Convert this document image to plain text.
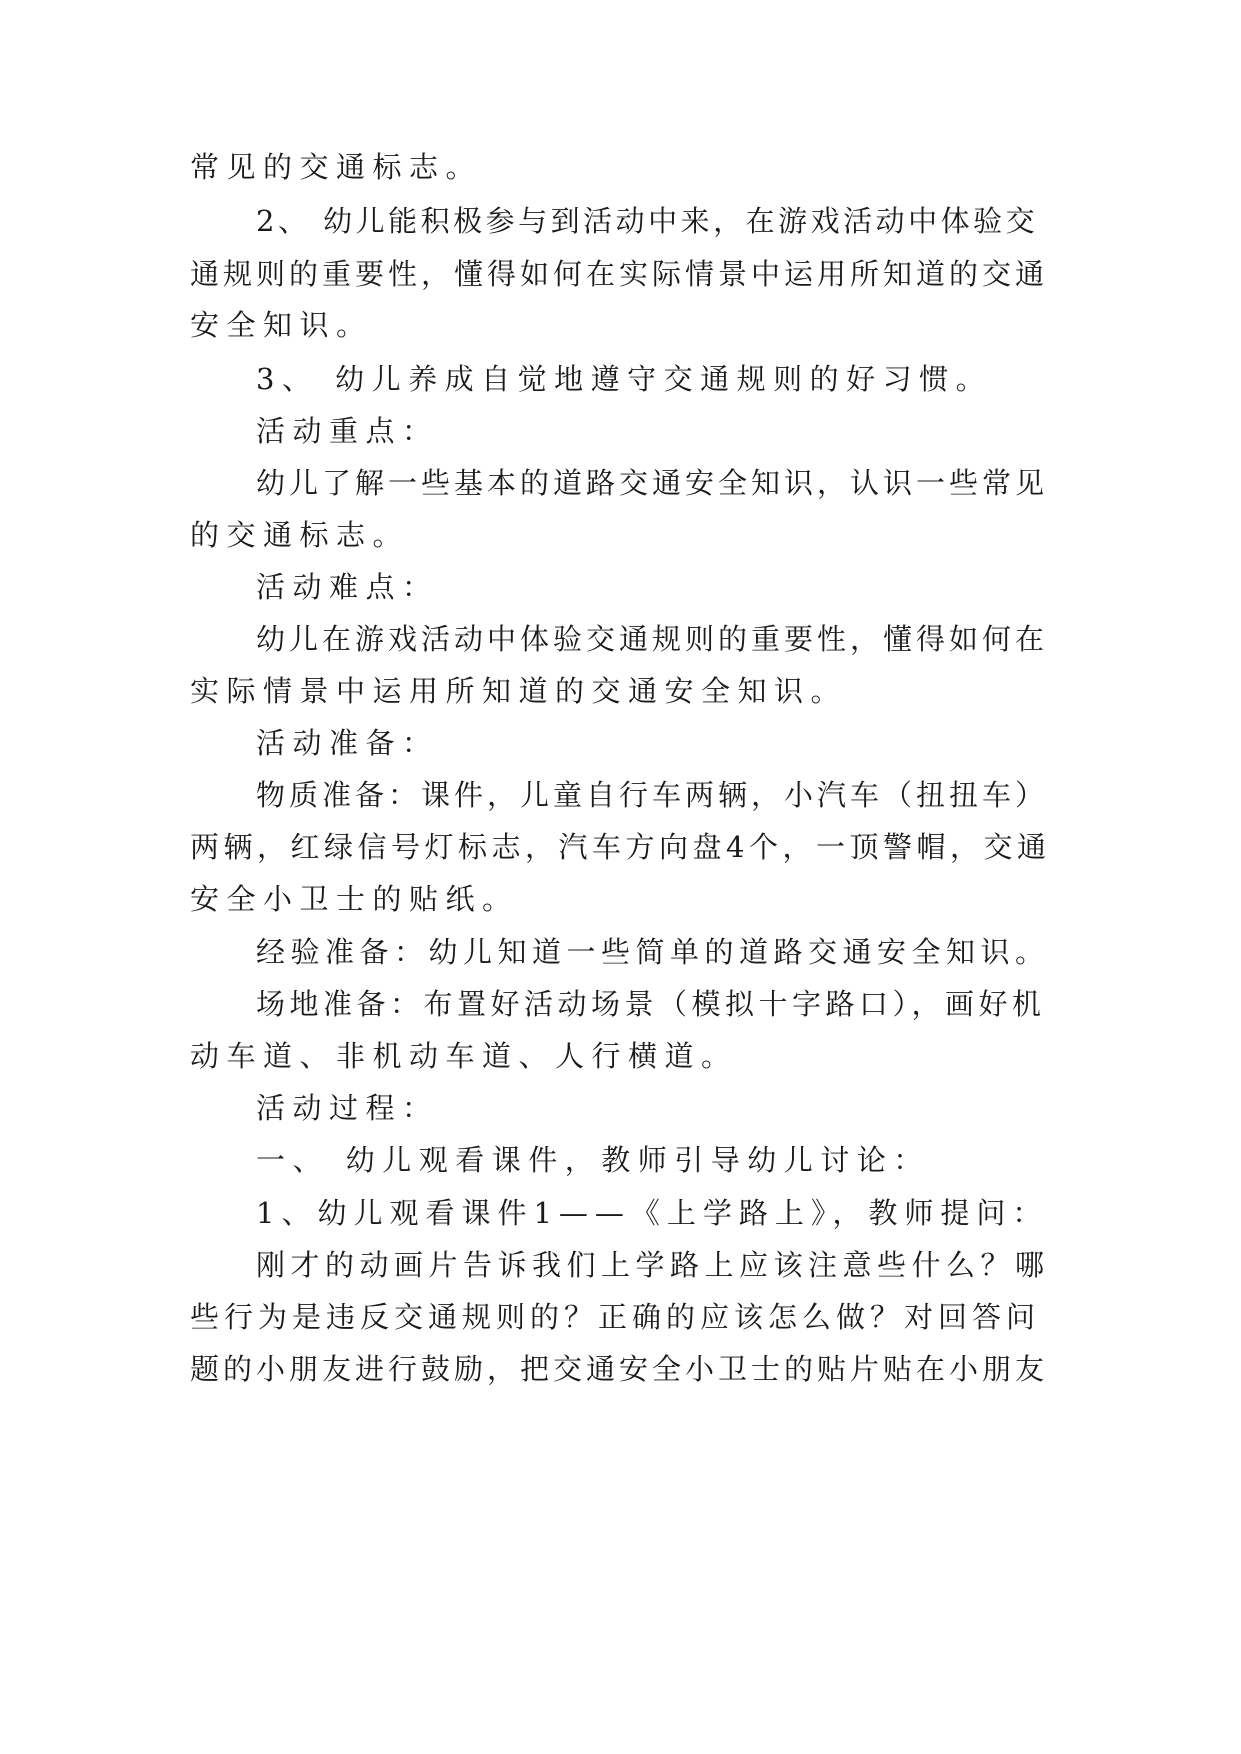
常见的交通标志。
2、 幼儿能积极参与到活动中来，在游戏活动中体验交
通规则的重要性，懂得如何在实际情景中运用所知道的交通
安全知识。
3、 幼儿养成自觉地遵守交通规则的好习惯。
活动重点：
幼儿了解一些基本的道路交通安全知识，认识一些常见
的交通标志。
活动难点：
幼儿在游戏活动中体验交通规则的重要性，懂得如何在
实际情景中运用所知道的交通安全知识。
活动准备：
物质准备：课件，儿童自行车两辆，小汽车（扭扭车）
两辆，红绿信号灯标志，汽车方向盘4个，一顶警帽，交通
安全小卫士的贴纸。
经验准备：幼儿知道一些简单的道路交通安全知识。
场地准备：布置好活动场景（模拟十字路口），画好机
动车道、非机动车道、人行横道。
活动过程：
一、 幼儿观看课件，教师引导幼儿讨论：
1、幼儿观看课件1——《上学路上》，教师提问：
刚才的动画片告诉我们上学路上应该注意些什么？哪
些行为是违反交通规则的？正确的应该怎么做？对回答问
题的小朋友进行鼓励，把交通安全小卫士的贴片贴在小朋友
